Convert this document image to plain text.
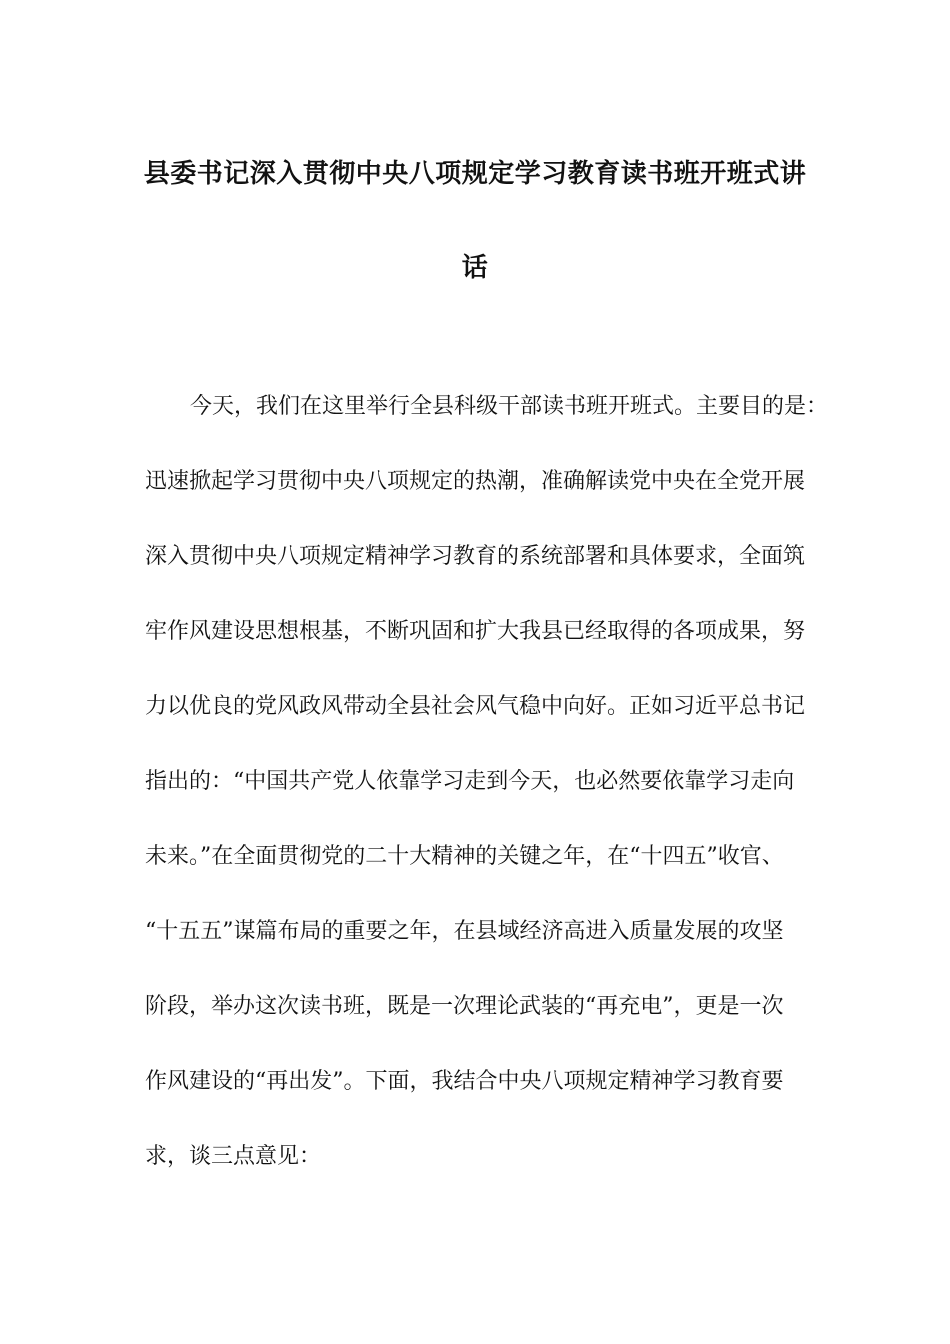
县委书记深入贯彻中央八项规定学习教育读书班开班式讲
话
今天，我们在这里举行全县科级干部读书班开班式。主要目的是：
迅速掀起学习贯彻中央八项规定的热潮，准确解读党中央在全党开展
深入贯彻中央八项规定精神学习教育的系统部署和具体要求，全面筑
牢作风建设思想根基，不断巩固和扩大我县已经取得的各项成果，努
力以优良的党风政风带动全县社会风气稳中向好。正如习近平总书记
指出的：“中国共产党人依靠学习走到今天，也必然要依靠学习走向
未来。”在全面贯彻党的二十大精神的关键之年，在“十四五”收官、
“十五五”谋篇布局的重要之年，在县域经济高进入质量发展的攻坚
阶段，举办这次读书班，既是一次理论武装的“再充电”，更是一次
作风建设的“再出发”。下面，我结合中央八项规定精神学习教育要
求，谈三点意见：
